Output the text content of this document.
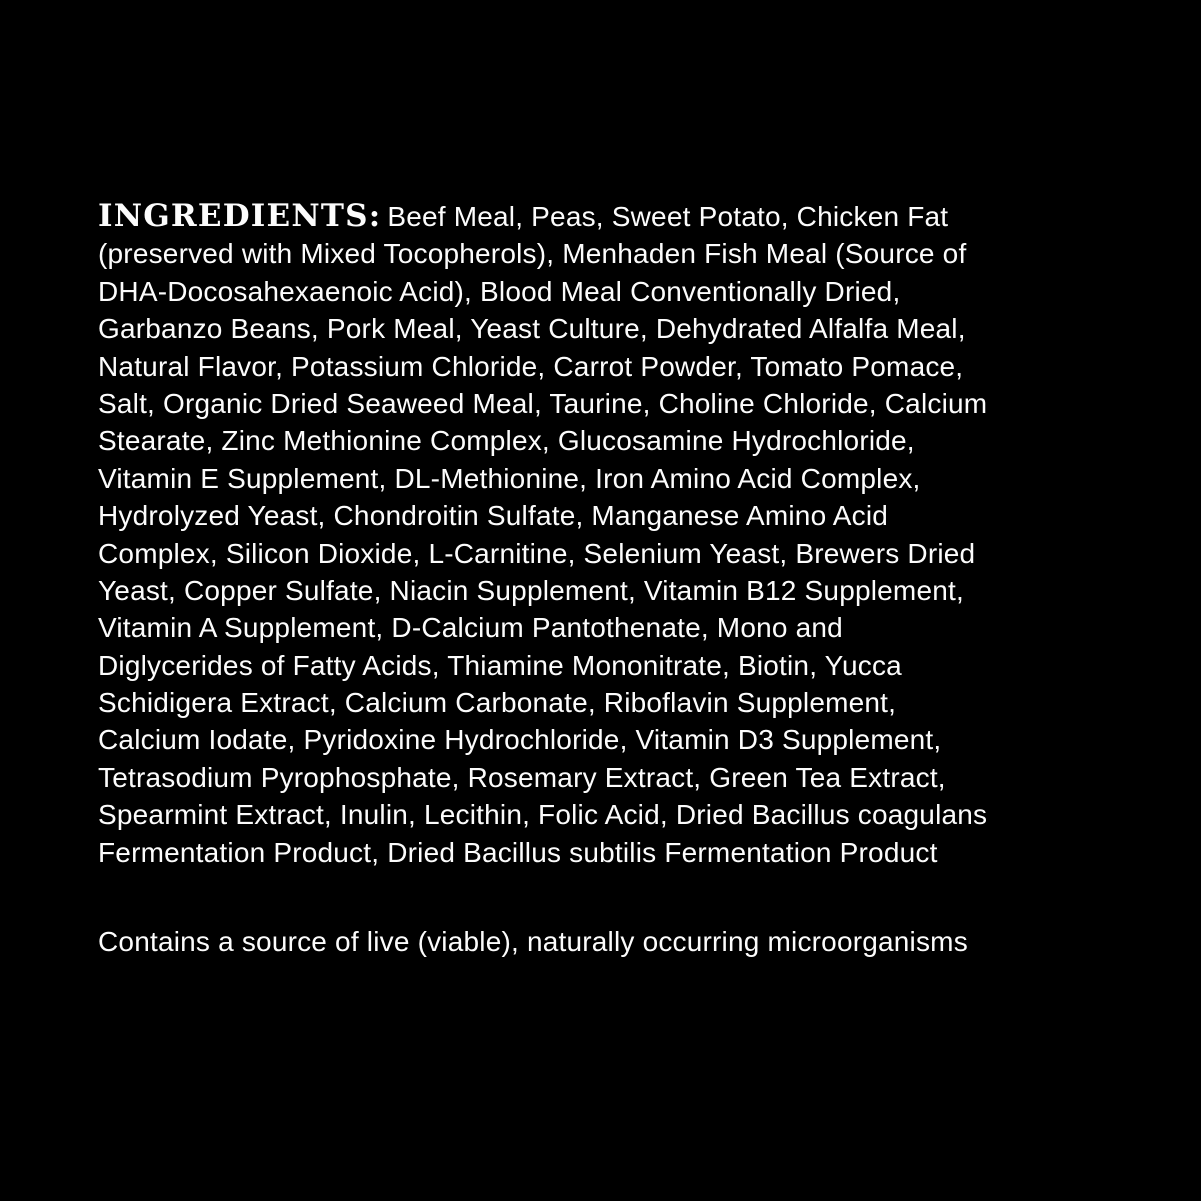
INGREDIENTS: Beef Meal, Peas, Sweet Potato, Chicken Fat
(preserved with Mixed Tocopherols), Menhaden Fish Meal (Source of
DHA-Docosahexaenoic Acid), Blood Meal Conventionally Dried,
Garbanzo Beans, Pork Meal, Yeast Culture, Dehydrated Alfalfa Meal,
Natural Flavor, Potassium Chloride, Carrot Powder, Tomato Pomace,
Salt, Organic Dried Seaweed Meal, Taurine, Choline Chloride, Calcium
Stearate, Zinc Methionine Complex, Glucosamine Hydrochloride,
Vitamin E Supplement, DL-Methionine, Iron Amino Acid Complex,
Hydrolyzed Yeast, Chondroitin Sulfate, Manganese Amino Acid
Complex, Silicon Dioxide, L-Carnitine, Selenium Yeast, Brewers Dried
Yeast, Copper Sulfate, Niacin Supplement, Vitamin B12 Supplement,
Vitamin A Supplement, D-Calcium Pantothenate, Mono and
Diglycerides of Fatty Acids, Thiamine Mononitrate, Biotin, Yucca
Schidigera Extract, Calcium Carbonate, Riboflavin Supplement,
Calcium Iodate, Pyridoxine Hydrochloride, Vitamin D3 Supplement,
Tetrasodium Pyrophosphate, Rosemary Extract, Green Tea Extract,
Spearmint Extract, Inulin, Lecithin, Folic Acid, Dried Bacillus coagulans
Fermentation Product, Dried Bacillus subtilis Fermentation Product
Contains a source of live (viable), naturally occurring microorganisms
